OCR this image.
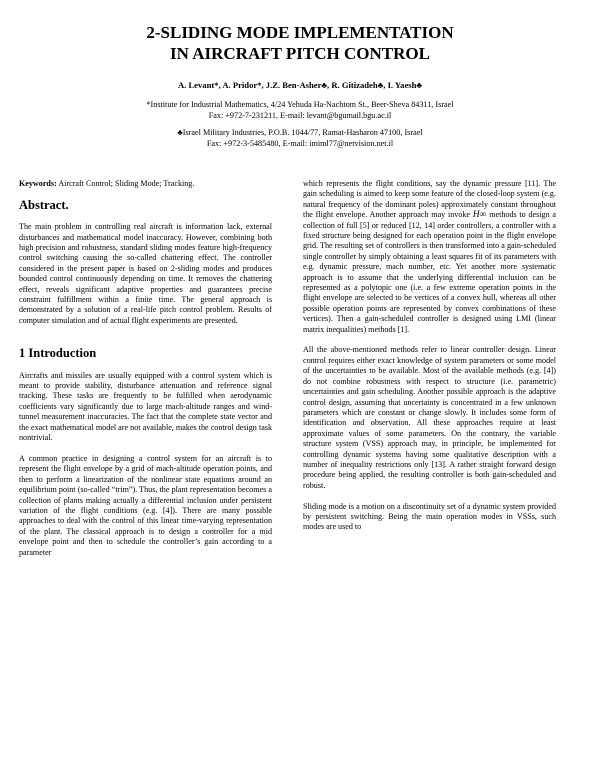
2-SLIDING MODE IMPLEMENTATION
IN AIRCRAFT PITCH CONTROL
A. Levant*, A. Pridor*, J.Z. Ben-Asher♣, R. Gitizadeh♣, I. Yaesh♣
*Institute for Industrial Mathematics, 4/24 Yehuda Ha-Nachtom St., Beer-Sheva 84311, Israel
Fax: +972-7-231211, E-mail: levant@bgumail.bgu.ac.il
♣Israel Military Industries, P.O.B. 1044/77, Ramat-Hasharon 47100, Israel
Fax: +972-3-5485480, E-mail: imiml77@netvision.net.il

Keywords: Aircraft Control; Sliding Mode; Tracking.

Abstract.

The main problem in controlling real aircraft is information lack, external disturbances and mathematical model inaccuracy. However, combining both high precision and robustness, standard sliding modes feature high-frequency control switching causing the so-called chattering effect. The controller considered in the present paper is based on 2-sliding modes and produces bounded control continuously depending on time. It removes the chattering effect, reveals significant adaptive properties and guarantees precise constraint fulfillment within a finite time. The general approach is demonstrated by a solution of a real-life pitch control problem. Results of computer simulation and of actual flight experiments are presented.

1 Introduction

Aircrafts and missiles are usually equipped with a control system which is meant to provide stability, disturbance attenuation and reference signal tracking. These tasks are frequently to be fulfilled when aerodynamic coefficients vary significantly due to large mach-altitude ranges and wind-tunnel measurement inaccuracies. The fact that the complete state vector and the exact mathematical model are not available, makes the control design task nontrivial.

A common practice in designing a control system for an aircraft is to represent the flight envelope by a grid of mach-altitude operation points, and then to perform a linearization of the nonlinear state equations around an equilibrium point (so-called “trim”). Thus, the plant representation becomes a collection of plants making actually a differential inclusion under persistent variation of the flight conditions (e.g. [4]). There are many possible approaches to deal with the control of this linear time-varying representation of the plant. The classical approach is to design a controller for a mid envelope point and then to schedule the controller’s gain according to a parameter

which represents the flight conditions, say the dynamic pressure [11]. The gain scheduling is aimed to keep some feature of the closed-loop system (e.g. natural frequency of the dominant poles) approximately constant throughout the flight envelope. Another approach may invoke H∞ methods to design a collection of full [5] or reduced [12, 14] order controllers, a controller with a fixed structure being designed for each operation point in the flight envelope grid. The resulting set of controllers is then transformed into a gain-scheduled single controller by simply obtaining a least squares fit of its parameters with e.g. dynamic pressure, mach number, etc. Yet another more systematic approach is to assume that the underlying differential inclusion can be represented as a polytopic one (i.e. a few extreme operation points in the flight envelope are selected to be vertices of a convex hull, whereas all other possible operation points are represented by convex combinations of these vertices). Then a gain-scheduled controller is designed using LMI (linear matrix inequalities) methods [1].

All the above-mentioned methods refer to linear controller design. Linear control requires either exact knowledge of system parameters or some model of the uncertainties to be available. Most of the available methods (e.g. [4]) do not combine robustness with respect to structure (i.e. parametric) uncertainties and gain scheduling. Another possible approach is the adaptive control design, assuming that uncertainty is concentrated in a few unknown parameters which are constant or change slowly. It includes some form of identification and observation. All these approaches require at least approximate values of some parameters. On the contrary, the variable structure system (VSS) approach may, in principle, be implemented for controlling dynamic systems having some qualitative description with a number of inequality restrictions only [13]. A rather straight forward design procedure being applied, the resulting controller is both gain-scheduled and robust.

Sliding mode is a motion on a discontinuity set of a dynamic system provided by persistent switching. Being the main operation modes in VSSs, such modes are used to
